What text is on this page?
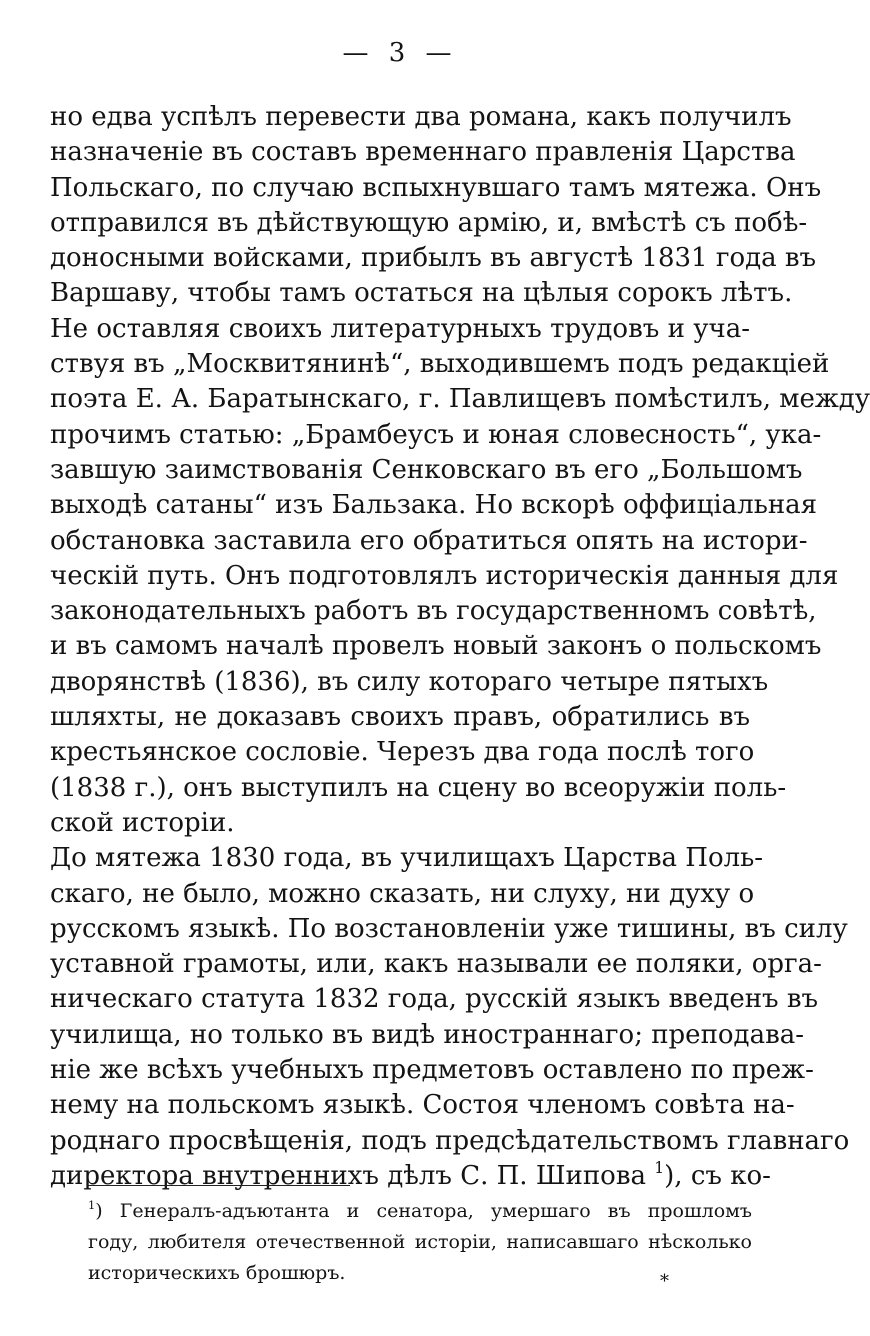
— 3 —
но едва успѣлъ перевести два романа, какъ получилъ
назначенiе въ составъ временнаго правленiя Царства
Польскаго, по случаю вспыхнувшаго тамъ мятежа. Онъ
отправился въ дѣйствующую армiю, и, вмѣстѣ съ побѣ-
доносными войсками, прибылъ въ августѣ 1831 года въ
Варшаву, чтобы тамъ остаться на цѣлыя сорокъ лѣтъ.
Не оставляя своихъ литературныхъ трудовъ и уча-
ствуя въ „Москвитянинѣ“, выходившемъ подъ редакцiей
поэта Е. А. Баратынскаго, г. Павлищевъ помѣстилъ, между
прочимъ статью: „Брамбеусъ и юная словесность“, ука-
завшую заимствованiя Сенковскаго въ его „Большомъ
выходѣ сатаны“ изъ Бальзака. Но вскорѣ оффицiальная
обстановка заставила его обратиться опять на истори-
ческiй путь. Онъ подготовлялъ историческiя данныя для
законодательныхъ работъ въ государственномъ совѣтѣ,
и въ самомъ началѣ провелъ новый законъ о польскомъ
дворянствѣ (1836), въ силу котораго четыре пятыхъ
шляхты, не доказавъ своихъ правъ, обратились въ
крестьянское сословiе. Черезъ два года послѣ того
(1838 г.), онъ выступилъ на сцену во всеоружiи поль-
ской исторiи.
До мятежа 1830 года, въ училищахъ Царства Поль-
скаго, не было, можно сказать, ни слуху, ни духу о
русскомъ языкѣ. По возстановленiи уже тишины, въ силу
уставной грамоты, или, какъ называли ее поляки, орга-
ническаго статута 1832 года, русскiй языкъ введенъ въ
училища, но только въ видѣ иностраннаго; преподава-
нiе же всѣхъ учебныхъ предметовъ оставлено по преж-
нему на польскомъ языкѣ. Состоя членомъ совѣта на-
роднаго просвѣщенiя, подъ предсѣдательствомъ главнаго
директора внутреннихъ дѣлъ С. П. Шипова $^1$), съ ко-
$^1$) Генералъ-адъютанта и сенатора, умершаго въ прошломъ
году, любителя отечественной исторiи, написавшаго нѣсколько
историческихъ брошюръ.	*
